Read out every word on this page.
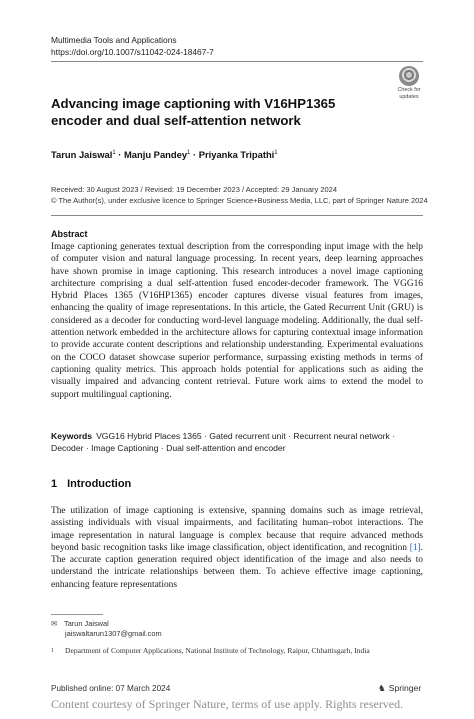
Multimedia Tools and Applications
https://doi.org/10.1007/s11042-024-18467-7
Check for
updates
Advancing image captioning with V16HP1365 encoder and dual self-attention network
Tarun Jaiswal$^1$ · Manju Pandey$^1$ · Priyanka Tripathi$^1$
Received: 30 August 2023 / Revised: 19 December 2023 / Accepted: 29 January 2024
© The Author(s), under exclusive licence to Springer Science+Business Media, LLC, part of Springer Nature 2024
Abstract
Image captioning generates textual description from the corresponding input image with the help of computer vision and natural language processing. In recent years, deep learning approaches have shown promise in image captioning. This research introduces a novel image captioning architecture comprising a dual self-attention fused encoder-decoder framework. The VGG16 Hybrid Places 1365 (V16HP1365) encoder captures diverse visual features from images, enhancing the quality of image representations. In this article, the Gated Recurrent Unit (GRU) is considered as a decoder for conducting word-level language modeling. Additionally, the dual self-attention network embedded in the architecture allows for capturing contextual image information to provide accurate content descriptions and relationship understanding. Experimental evaluations on the COCO dataset showcase superior performance, surpassing existing methods in terms of captioning quality metrics. This approach holds potential for applications such as aiding the visually impaired and advancing content retrieval. Future work aims to extend the model to support multilingual captioning.
Keywords VGG16 Hybrid Places 1365 · Gated recurrent unit · Recurrent neural network · Decoder · Image Captioning · Dual self-attention and encoder
1 Introduction
The utilization of image captioning is extensive, spanning domains such as image retrieval, assisting individuals with visual impairments, and facilitating human–robot interactions. The image representation in natural language is complex because that require advanced methods beyond basic recognition tasks like image classification, object identification, and recognition [1]. The accurate caption generation required object identification of the image and also needs to understand the intricate relationships between them. To achieve effective image captioning, enhancing feature representations
✉ Tarun Jaiswal
jaiswaltarun1307@gmail.com
1 Department of Computer Applications, National Institute of Technology, Raipur, Chhattisgarh, India
Published online: 07 March 2024	♞ Springer
Content courtesy of Springer Nature, terms of use apply. Rights reserved.
